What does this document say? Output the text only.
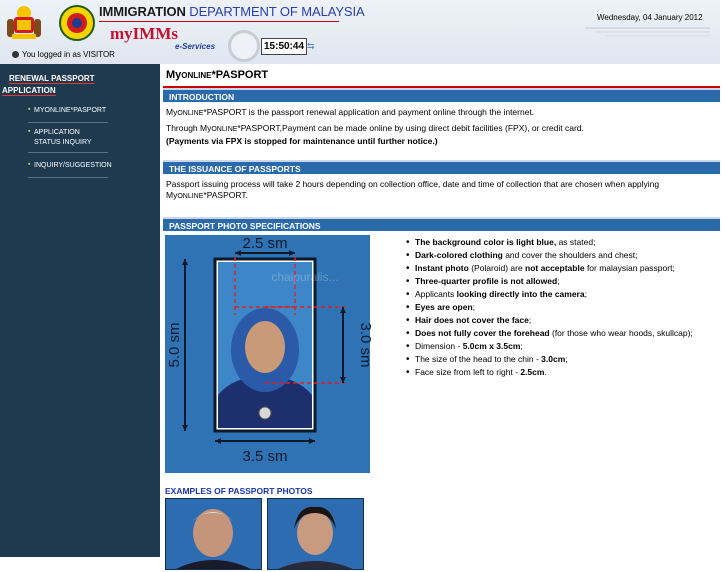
IMMIGRATION DEPARTMENT OF MALAYSIA
myIMMs
e-Services	15:50:44 ⇆
You logged in as VISITOR
Wednesday, 04 January 2012
RENEWAL PASSPORT
APPLICATION
▪ MYONLINE*PASPORT
▪ APPLICATION
STATUS INQUIRY
▪ INQUIRY/SUGGESTION
MyONLINE*PASPORT
INTRODUCTION
MyONLINE*PASPORT is the passport renewal application and payment online through the internet.
Through MyONLINE*PASPORT,Payment can be made online by using direct debit facilities (FPX), or credit card.
(Payments via FPX is stopped for maintenance until further notice.)
THE ISSUANCE OF PASSPORTS
Passport issuing process will take 2 hours depending on collection office, date and time of collection that are chosen when applying
MyONLINE*PASPORT.
PASSPORT PHOTO SPECIFICATIONS
2.5 sm
5.0 sm	3.0 sm
3.5 sm
chaipuralis...
• The background color is light blue, as stated;
• Dark-colored clothing and cover the shoulders and chest;
• Instant photo (Polaroid) are not acceptable for malaysian passport;
• Three-quarter profile is not allowed;
• Applicants looking directly into the camera;
• Eyes are open;
• Hair does not cover the face;
• Does not fully cover the forehead (for those who wear hoods, skullcap);
• Dimension - 5.0cm x 3.5cm;
• The size of the head to the chin - 3.0cm;
• Face size from left to right - 2.5cm.
EXAMPLES OF PASSPORT PHOTOS
